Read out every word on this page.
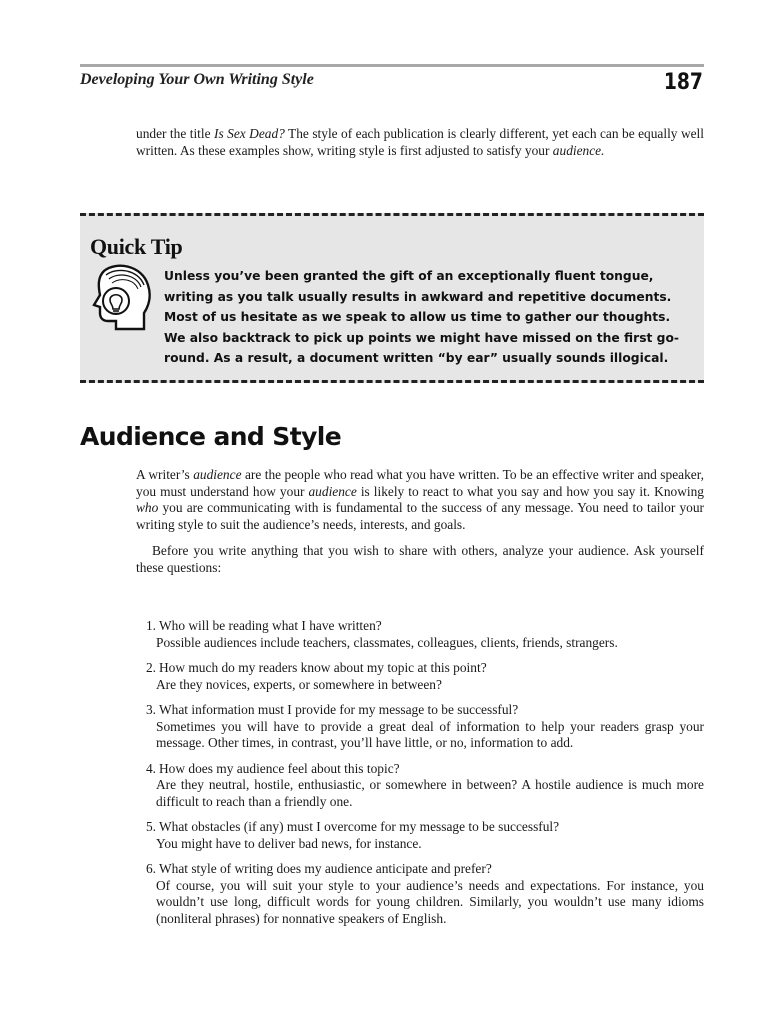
Developing Your Own Writing Style	187

under the title Is Sex Dead? The style of each publication is clearly different, yet each can be equally well written. As these examples show, writing style is first adjusted to satisfy your audience.

Quick Tip
Unless you’ve been granted the gift of an exceptionally fluent tongue, writing as you talk usually results in awkward and repetitive documents. Most of us hesitate as we speak to allow us time to gather our thoughts. We also backtrack to pick up points we might have missed on the first go-round. As a result, a document written “by ear” usually sounds illogical.
Audience and Style

A writer’s audience are the people who read what you have written. To be an effective writer and speaker, you must understand how your audience is likely to react to what you say and how you say it. Knowing who you are communicating with is fundamental to the success of any message. You need to tailor your writing style to suit the audience’s needs, interests, and goals.

Before you write anything that you wish to share with others, analyze your audience. Ask yourself these questions:

1. Who will be reading what I have written?
Possible audiences include teachers, classmates, colleagues, clients, friends, strangers.
2. How much do my readers know about my topic at this point?
Are they novices, experts, or somewhere in between?
3. What information must I provide for my message to be successful?
Sometimes you will have to provide a great deal of information to help your readers grasp your message. Other times, in contrast, you’ll have little, or no, information to add.
4. How does my audience feel about this topic?
Are they neutral, hostile, enthusiastic, or somewhere in between? A hostile audience is much more difficult to reach than a friendly one.
5. What obstacles (if any) must I overcome for my message to be successful?
You might have to deliver bad news, for instance.
6. What style of writing does my audience anticipate and prefer?
Of course, you will suit your style to your audience’s needs and expectations. For instance, you wouldn’t use long, difficult words for young children. Similarly, you wouldn’t use many idioms (nonliteral phrases) for nonnative speakers of English.
